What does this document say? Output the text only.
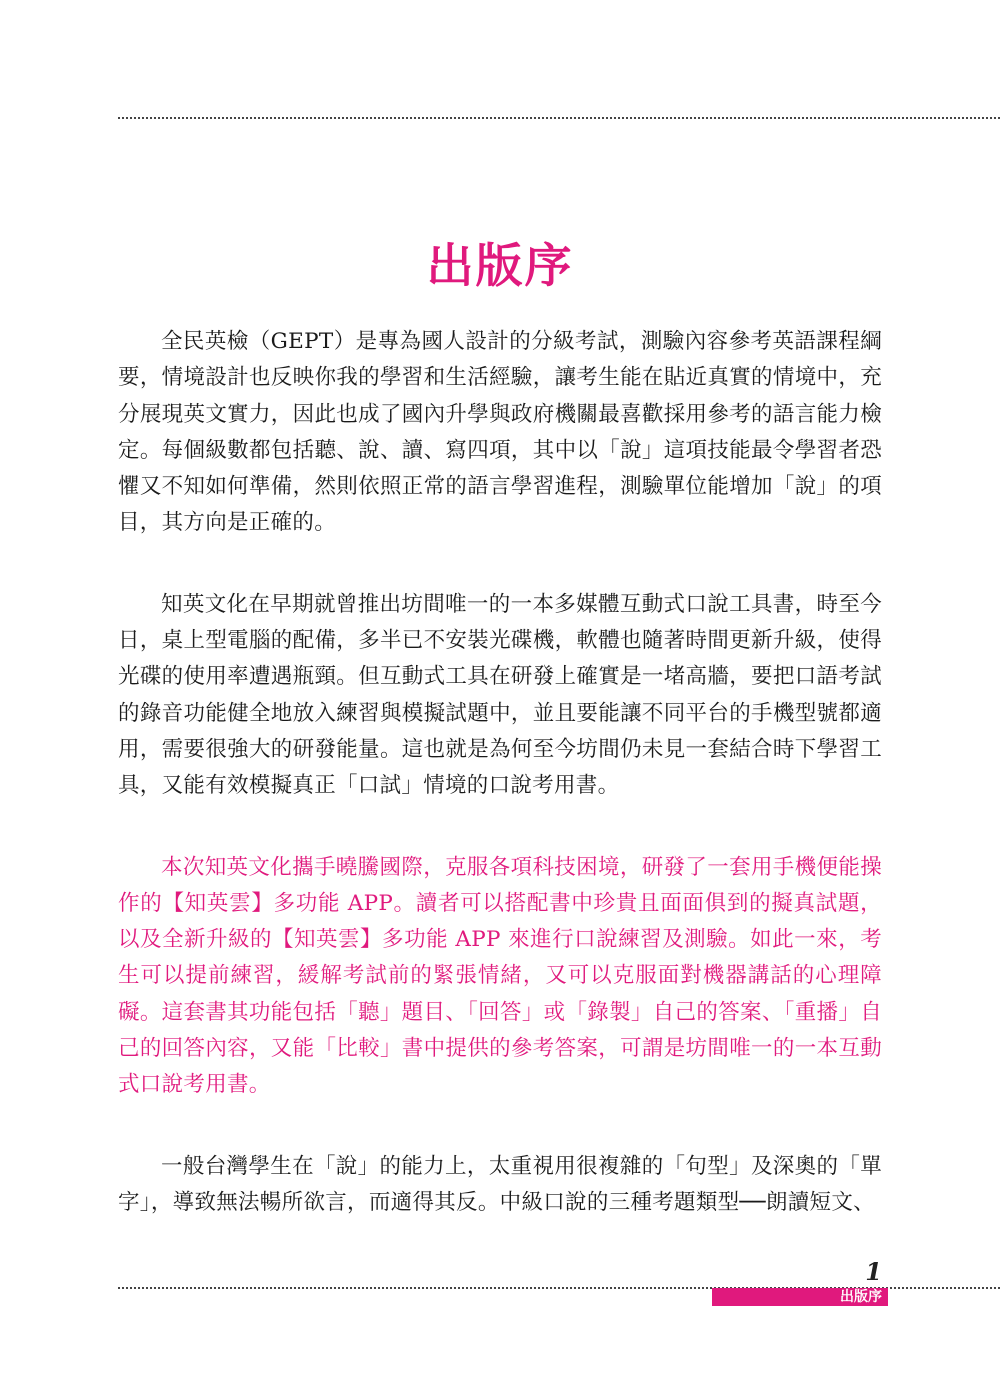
出版序

全民英檢（GEPT）是專為國人設計的分級考試，測驗內容參考英語課程綱要，情境設計也反映你我的學習和生活經驗，讓考生能在貼近真實的情境中，充分展現英文實力，因此也成了國內升學與政府機關最喜歡採用參考的語言能力檢定。每個級數都包括聽、說、讀、寫四項，其中以「說」這項技能最令學習者恐懼又不知如何準備，然則依照正常的語言學習進程，測驗單位能增加「說」的項目，其方向是正確的。

知英文化在早期就曾推出坊間唯一的一本多媒體互動式口說工具書，時至今日，桌上型電腦的配備，多半已不安裝光碟機，軟體也隨著時間更新升級，使得光碟的使用率遭遇瓶頸。但互動式工具在研發上確實是一堵高牆，要把口語考試的錄音功能健全地放入練習與模擬試題中，並且要能讓不同平台的手機型號都適用，需要很強大的研發能量。這也就是為何至今坊間仍未見一套結合時下學習工具，又能有效模擬真正「口試」情境的口說考用書。

本次知英文化攜手曉騰國際，克服各項科技困境，研發了一套用手機便能操作的【知英雲】多功能 APP。讀者可以搭配書中珍貴且面面俱到的擬真試題，以及全新升級的【知英雲】多功能 APP 來進行口說練習及測驗。如此一來，考生可以提前練習，緩解考試前的緊張情緒，又可以克服面對機器講話的心理障礙。這套書其功能包括「聽」題目、「回答」或「錄製」自己的答案、「重播」自己的回答內容，又能「比較」書中提供的參考答案，可謂是坊間唯一的一本互動式口說考用書。

一般台灣學生在「說」的能力上，太重視用很複雜的「句型」及深奧的「單字」，導致無法暢所欲言，而適得其反。中級口說的三種考題類型──朗讀短文、

1
出版序
